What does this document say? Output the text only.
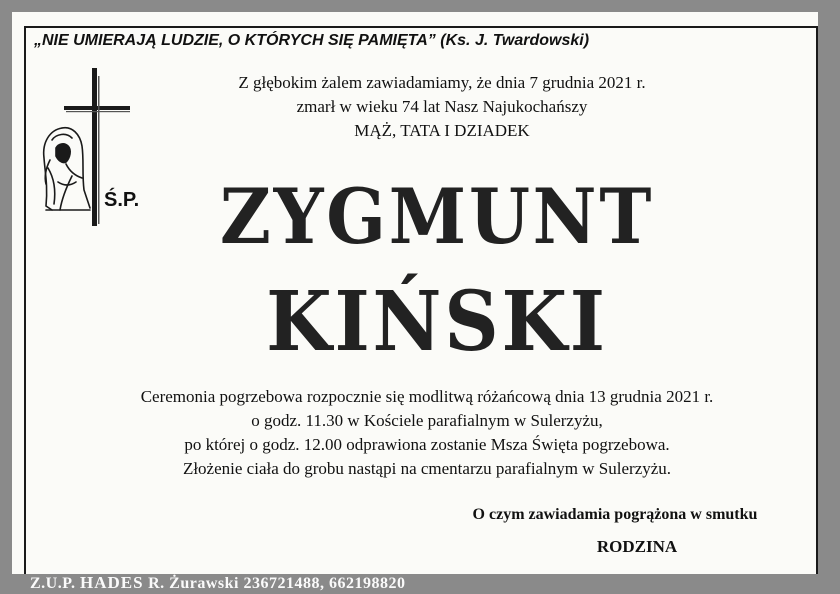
„NIE UMIERAJĄ LUDZIE, O KTÓRYCH SIĘ PAMIĘTA” (Ks. J. Twardowski)
Z głębokim żalem zawiadamiamy, że dnia 7 grudnia 2021 r.
zmarł w wieku 74 lat Nasz Najukochańszy
MĄŻ, TATA I DZIADEK
Ś.P.	ZYGMUNT
KIŃSKI
Ceremonia pogrzebowa rozpocznie się modlitwą różańcową dnia 13 grudnia 2021 r.
o godz. 11.30 w Kościele parafialnym w Sulerzyżu,
po której o godz. 12.00 odprawiona zostanie Msza Święta pogrzebowa.
Złożenie ciała do grobu nastąpi na cmentarzu parafialnym w Sulerzyżu.
O czym zawiadamia pogrążona w smutku
RODZINA
Z.U.P. HADES R. Żurawski 236721488, 662198820
